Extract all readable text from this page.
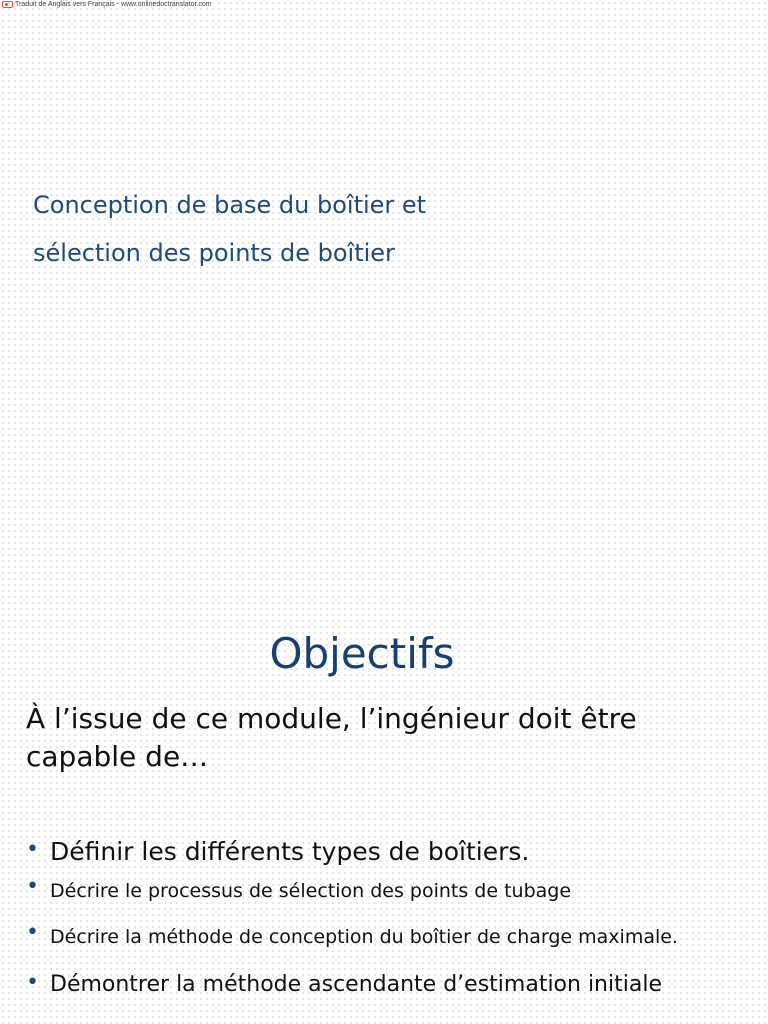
Traduit de Anglais vers Français - www.onlinedoctranslator.com
Conception de base du boîtier et
sélection des points de boîtier
Objectifs
À l’issue de ce module, l’ingénieur doit être capable de…
• Définir les différents types de boîtiers.
• Décrire le processus de sélection des points de tubage
• Décrire la méthode de conception du boîtier de charge maximale.
• Démontrer la méthode ascendante d’estimation initiale
